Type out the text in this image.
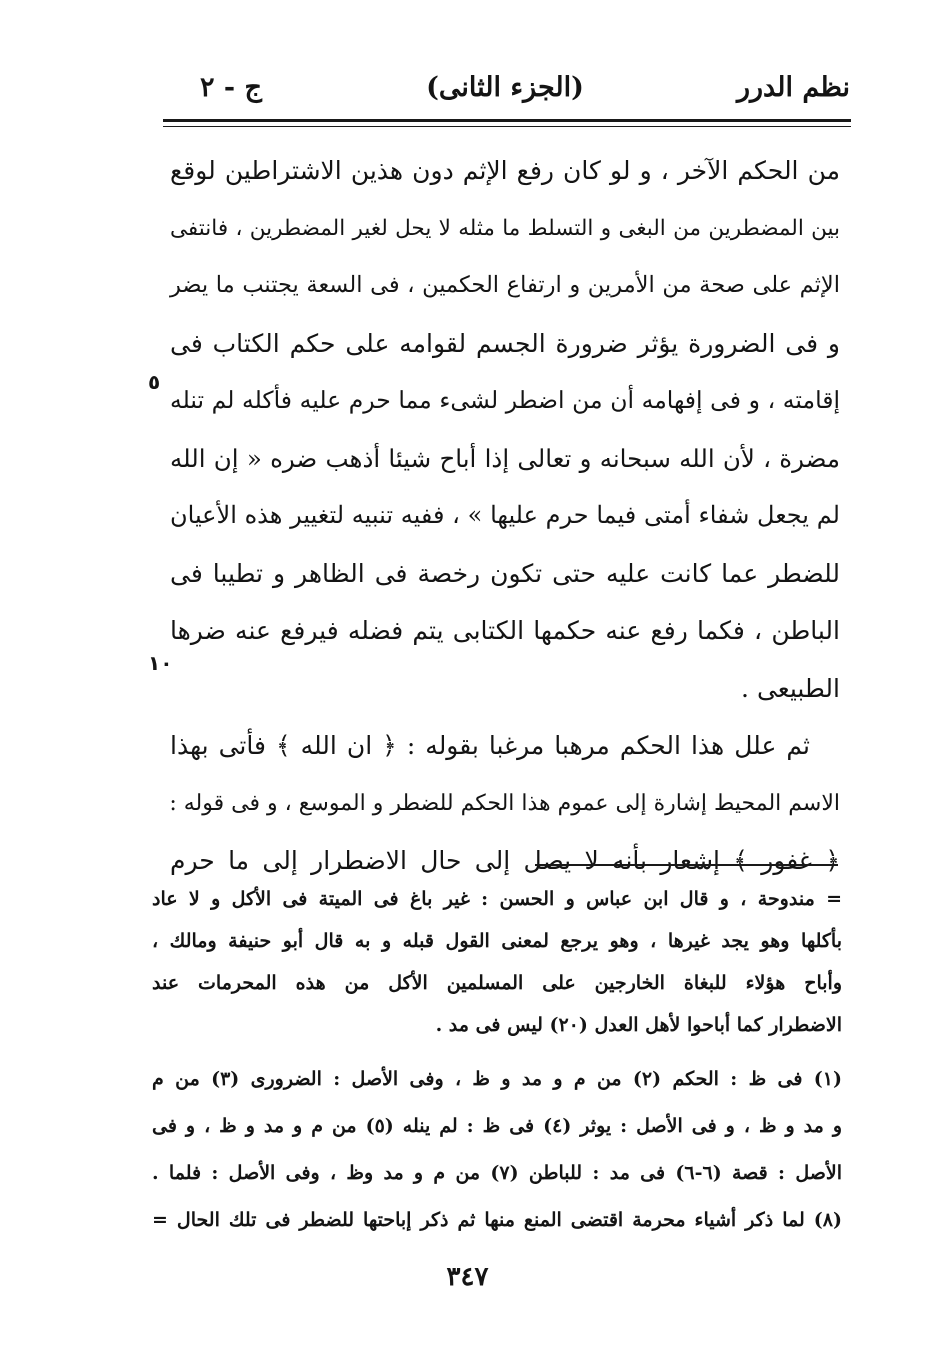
نظم الدرر
(الجزء الثانى)
ج - ٢
من الحكم الآخر ، و لو كان رفع الإثم دون هذين الاشتراطين لوقع
بين المضطرين من البغى و التسلط ما مثله لا يحل لغير المضطرين ، فانتفى
الإثم على صحة من الأمرين و ارتفاع الحكمين ، فى السعة يجتنب ما يضر
و فى الضرورة يؤثر ضرورة الجسم لقوامه على حكم الكتاب فى
إقامته ، و فى إفهامه أن من اضطر لشىء مما حرم عليه فأكله لم تنله
مضرة ، لأن الله سبحانه و تعالى إذا أباح شيئا أذهب ضره « إن الله
لم يجعل شفاء أمتى فيما حرم عليها » ، ففيه تنبيه لتغيير هذه الأعيان
للضطر عما كانت عليه حتى تكون رخصة فى الظاهر و تطيبا فى
الباطن ، فكما رفع عنه حكمها الكتابى يتم فضله فيرفع عنه ضرها
الطبيعى .
ثم علل هذا الحكم مرهبا مرغبا بقوله : ﴿ ان الله ﴾ فأتى بهذا
الاسم المحيط إشارة إلى عموم هذا الحكم للضطر و الموسع ، و فى قوله :
﴿ غفور ﴾ إشعار بأنه لا يصل إلى حال الاضطرار إلى ما حرم
٥
١٠
= مندوحة ، و قال ابن عباس و الحسن : غير باغ فى الميتة فى الأكل و لا عاد
بأكلها وهو يجد غيرها ، وهو يرجع لمعنى القول قبله و به قال أبو حنيفة ومالك ،
وأباح هؤلاء للبغاة الخارجين على المسلمين الأكل من هذه المحرمات عند
الاضطرار كما أباحوا لأهل العدل (٢٠) ليس فى مد .
(١) فى ظ : الحكم (٢) من م و مد و ظ ، وفى الأصل : الضرورى (٣) من م
و مد و ظ ، و فى الأصل : يوثر (٤) فى ظ : لم ينله (٥) من م و مد و ظ ، و فى
الأصل : قصة (٦-٦) فى مد : للباطن (٧) من م و مد وظ ، وفى الأصل : فلما .
(٨) لما ذكر أشياء محرمة اقتضى المنع منها ثم ذكر إباحتها للضطر فى تلك الحال =
٣٤٧
